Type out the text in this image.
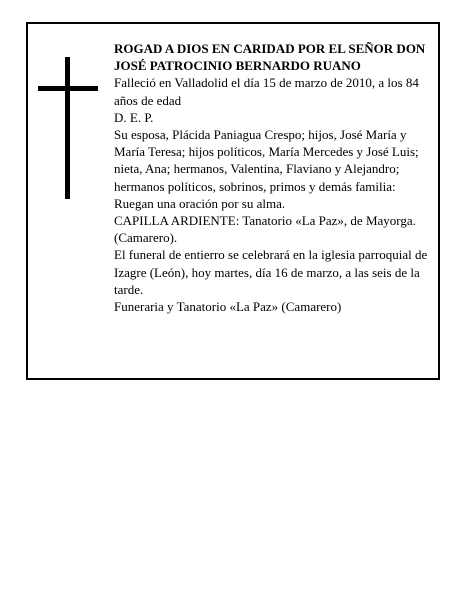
ROGAD A DIOS EN CARIDAD POR EL SEÑOR DON JOSÉ PATROCINIO BERNARDO RUANO

Falleció en Valladolid el día 15 de marzo de 2010, a los 84 años de edad

D. E. P.

Su esposa, Plácida Paniagua Crespo; hijos, José María y María Teresa; hijos políticos, María Mercedes y José Luis; nieta, Ana; hermanos, Valentina, Flaviano y Alejandro; hermanos políticos, sobrinos, primos y demás familia:

Ruegan una oración por su alma.

CAPILLA ARDIENTE: Tanatorio «La Paz», de Mayorga. (Camarero).

El funeral de entierro se celebrará en la iglesia parroquial de Izagre (León), hoy martes, día 16 de marzo, a las seis de la tarde.

Funeraria y Tanatorio «La Paz» (Camarero)
